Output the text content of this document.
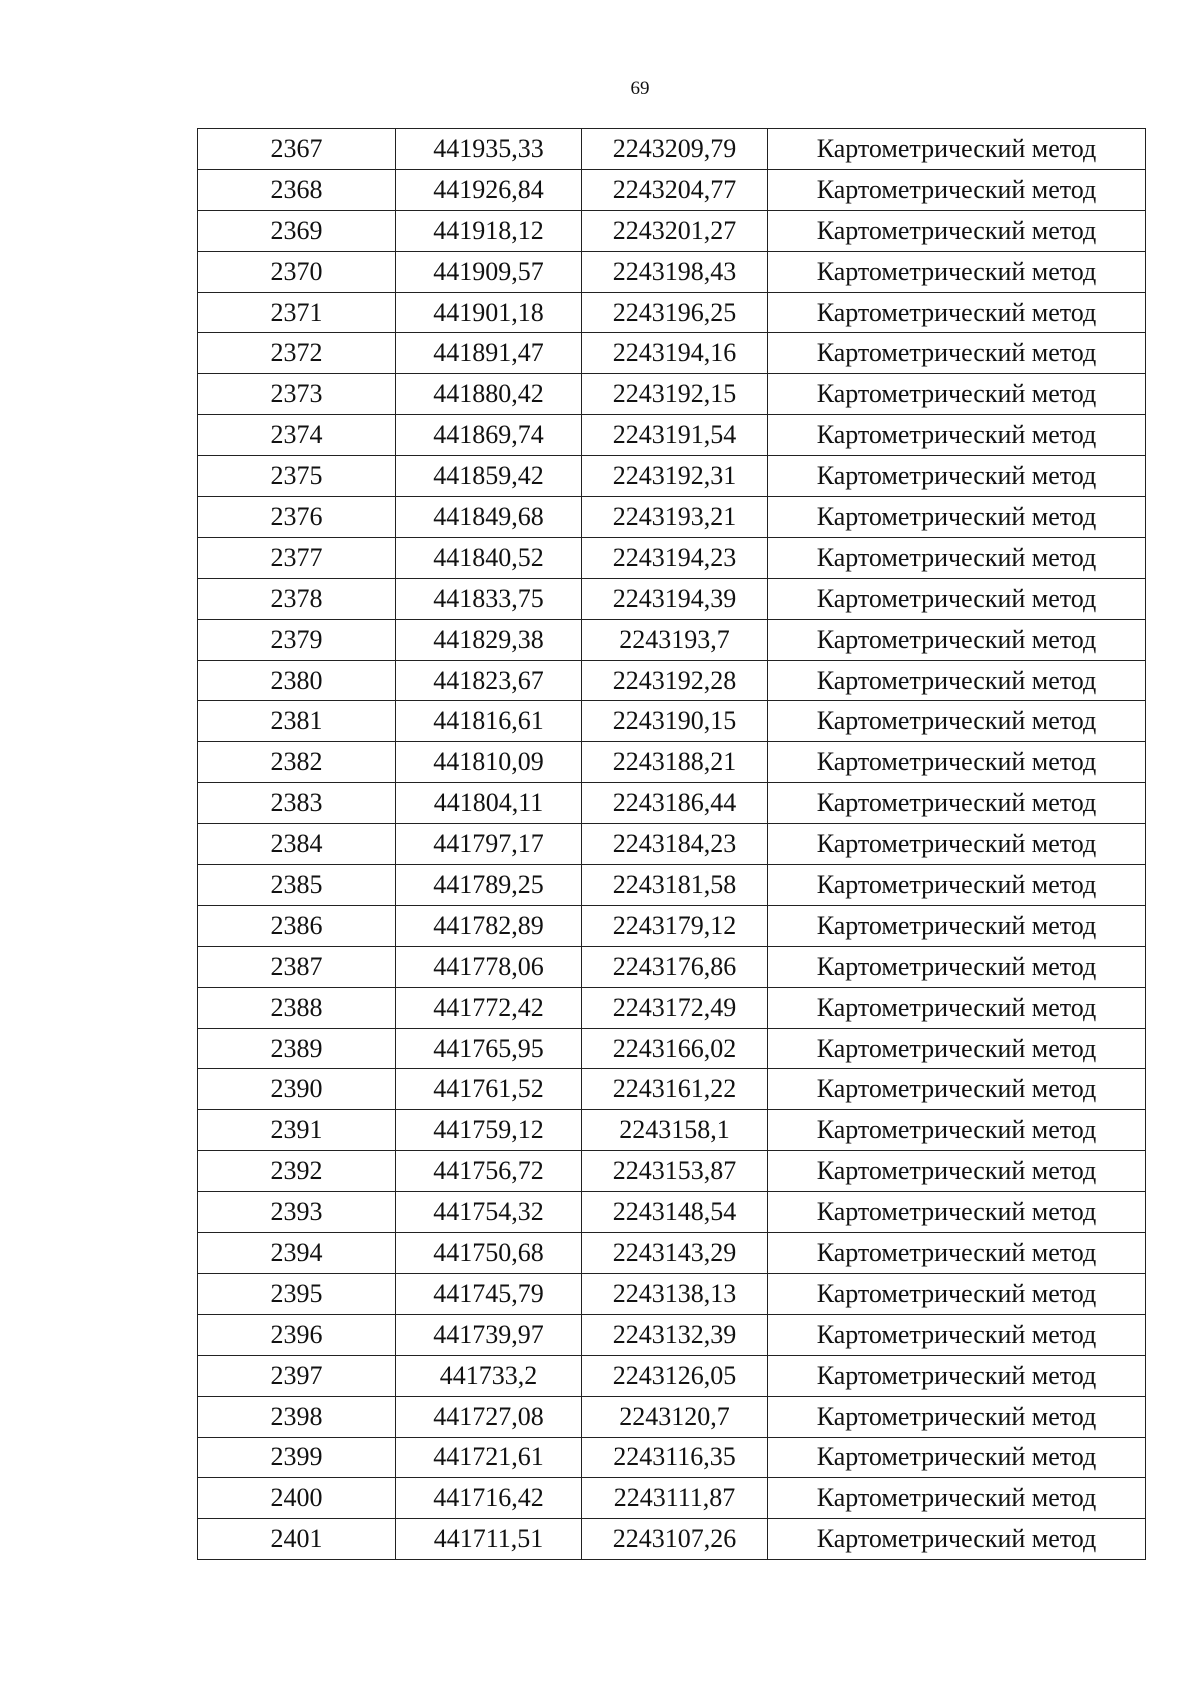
69
2367	441935,33	2243209,79	Картометрический метод
2368	441926,84	2243204,77	Картометрический метод
2369	441918,12	2243201,27	Картометрический метод
2370	441909,57	2243198,43	Картометрический метод
2371	441901,18	2243196,25	Картометрический метод
2372	441891,47	2243194,16	Картометрический метод
2373	441880,42	2243192,15	Картометрический метод
2374	441869,74	2243191,54	Картометрический метод
2375	441859,42	2243192,31	Картометрический метод
2376	441849,68	2243193,21	Картометрический метод
2377	441840,52	2243194,23	Картометрический метод
2378	441833,75	2243194,39	Картометрический метод
2379	441829,38	2243193,7	Картометрический метод
2380	441823,67	2243192,28	Картометрический метод
2381	441816,61	2243190,15	Картометрический метод
2382	441810,09	2243188,21	Картометрический метод
2383	441804,11	2243186,44	Картометрический метод
2384	441797,17	2243184,23	Картометрический метод
2385	441789,25	2243181,58	Картометрический метод
2386	441782,89	2243179,12	Картометрический метод
2387	441778,06	2243176,86	Картометрический метод
2388	441772,42	2243172,49	Картометрический метод
2389	441765,95	2243166,02	Картометрический метод
2390	441761,52	2243161,22	Картометрический метод
2391	441759,12	2243158,1	Картометрический метод
2392	441756,72	2243153,87	Картометрический метод
2393	441754,32	2243148,54	Картометрический метод
2394	441750,68	2243143,29	Картометрический метод
2395	441745,79	2243138,13	Картометрический метод
2396	441739,97	2243132,39	Картометрический метод
2397	441733,2	2243126,05	Картометрический метод
2398	441727,08	2243120,7	Картометрический метод
2399	441721,61	2243116,35	Картометрический метод
2400	441716,42	2243111,87	Картометрический метод
2401	441711,51	2243107,26	Картометрический метод
